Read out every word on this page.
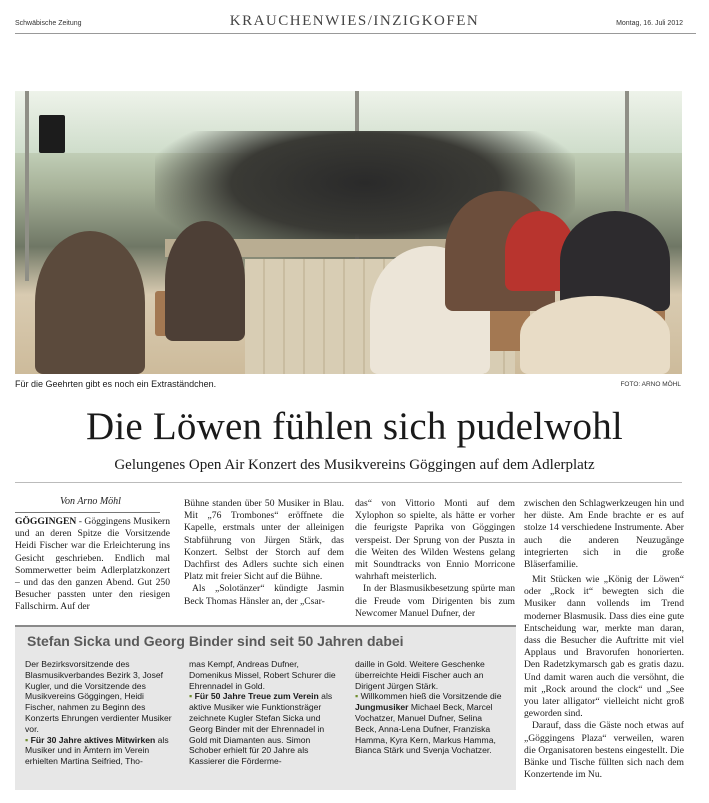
Schwäbische Zeitung	KRAUCHENWIES/INZIGKOFEN	Montag, 16. Juli 2012
Für die Geehrten gibt es noch ein Extraständchen.	FOTO: ARNO MÖHL
Die Löwen fühlen sich pudelwohl
Gelungenes Open Air Konzert des Musikvereins Göggingen auf dem Adlerplatz
Von Arno Möhl

GÖGGINGEN - Göggingens Musikern und an deren Spitze die Vorsitzende Heidi Fischer war die Erleichterung ins Gesicht geschrieben. Endlich mal Sommerwetter beim Adlerplatzkonzert – und das den ganzen Abend. Gut 250 Besucher passten unter den riesigen Fallschirm. Auf der

Bühne standen über 50 Musiker in Blau. Mit „76 Trombones“ eröffnete die Kapelle, erstmals unter der alleinigen Stabführung von Jürgen Stärk, das Konzert. Selbst der Storch auf dem Dachfirst des Adlers suchte sich einen Platz mit freier Sicht auf die Bühne.

Als „Solotänzer“ kündigte Jasmin Beck Thomas Hänsler an, der „Csar-

das“ von Vittorio Monti auf dem Xylophon so spielte, als hätte er vorher die feurigste Paprika von Göggingen verspeist. Der Sprung von der Puszta in die Weiten des Wilden Westens gelang mit Soundtracks von Ennio Morricone wahrhaft meisterlich.

In der Blasmusikbesetzung spürte man die Freude vom Dirigenten bis zum Newcomer Manuel Dufner, der

zwischen den Schlagwerkzeugen hin und her düste. Am Ende brachte er es auf stolze 14 verschiedene Instrumente. Aber auch die anderen Neuzugänge integrierten sich in die große Bläserfamilie.

Mit Stücken wie „König der Löwen“ oder „Rock it“ bewegten sich die Musiker dann vollends im Trend moderner Blasmusik. Dass dies eine gute Entscheidung war, merkte man daran, dass die Besucher die Auftritte mit viel Applaus und Bravorufen honorierten. Den Radetzkymarsch gab es gratis dazu. Und damit waren auch die versöhnt, die mit „Rock around the clock“ und „See you later alligator“ vielleicht nicht groß geworden sind.

Darauf, dass die Gäste noch etwas auf „Göggingens Plaza“ verweilen, waren die Organisatoren bestens eingestellt. Die Bänke und Tische füllten sich nach dem Konzertende im Nu.

Stefan Sicka und Georg Binder sind seit 50 Jahren dabei

Der Bezirksvorsitzende des Blasmusikverbandes Bezirk 3, Josef Kugler, und die Vorsitzende des Musikvereins Göggingen, Heidi Fischer, nahmen zu Beginn des Konzerts Ehrungen verdienter Musiker vor.

▪ Für 30 Jahre aktives Mitwirken als Musiker und in Ämtern im Verein erhielten Martina Seifried, Tho-

mas Kempf, Andreas Dufner, Domenikus Missel, Robert Schurer die Ehrennadel in Gold.

▪ Für 50 Jahre Treue zum Verein als aktive Musiker wie Funktionsträger zeichnete Kugler Stefan Sicka und Georg Binder mit der Ehrennadel in Gold mit Diamanten aus. Simon Schober erhielt für 20 Jahre als Kassierer die Förderme-

daille in Gold. Weitere Geschenke überreichte Heidi Fischer auch an Dirigent Jürgen Stärk.

▪ Willkommen hieß die Vorsitzende die Jungmusiker Michael Beck, Marcel Vochatzer, Manuel Dufner, Selina Beck, Anna-Lena Dufner, Franziska Hamma, Kyra Kern, Markus Hamma, Bianca Stärk und Svenja Vochatzer.
